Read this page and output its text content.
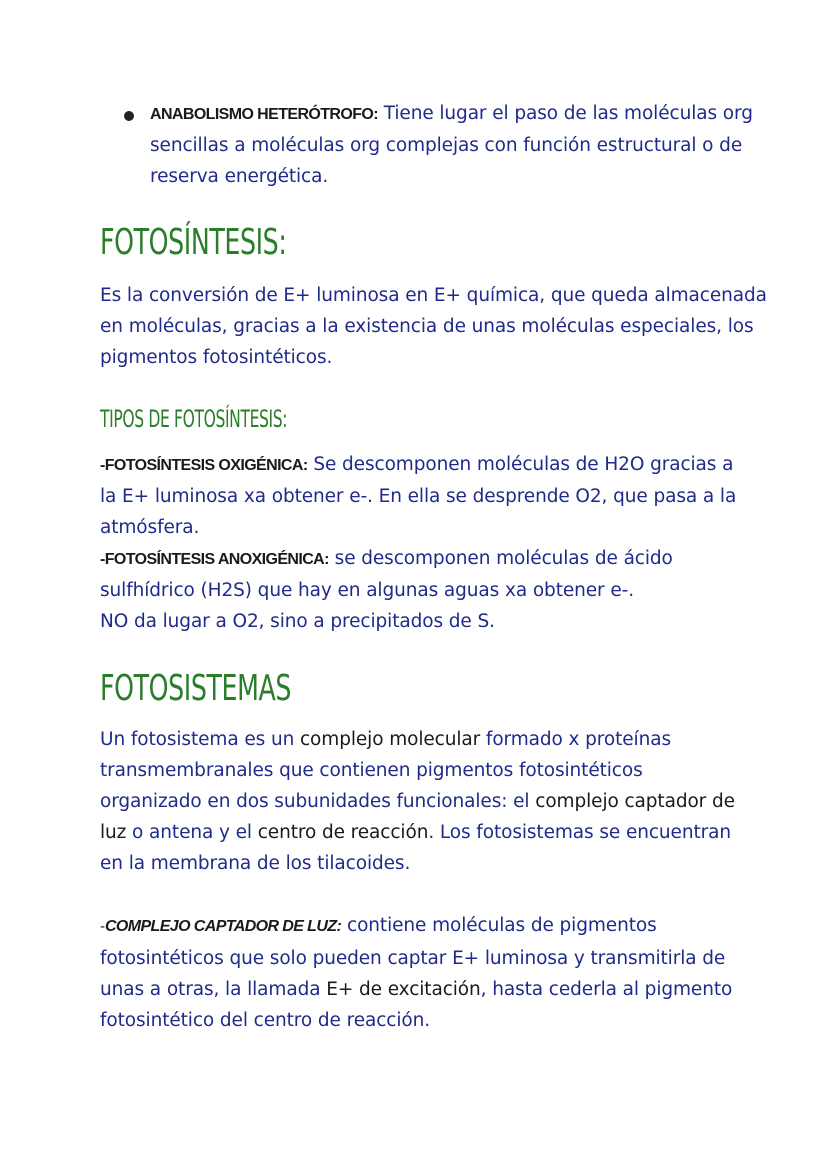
ANABOLISMO HETERÓTROFO: Tiene lugar el paso de las moléculas org
sencillas a moléculas org complejas con función estructural o de
reserva energética.
FOTOSÍNTESIS:
Es la conversión de E+ luminosa en E+ química, que queda almacenada
en moléculas, gracias a la existencia de unas moléculas especiales, los
pigmentos fotosintéticos.
TIPOS DE FOTOSÍNTESIS:
-FOTOSÍNTESIS OXIGÉNICA: Se descomponen moléculas de H2O gracias a
la E+ luminosa xa obtener e-. En ella se desprende O2, que pasa a la
atmósfera.
-FOTOSÍNTESIS ANOXIGÉNICA: se descomponen moléculas de ácido
sulfhídrico (H2S) que hay en algunas aguas xa obtener e-.
NO da lugar a O2, sino a precipitados de S.
FOTOSISTEMAS
Un fotosistema es un complejo molecular formado x proteínas
transmembranales que contienen pigmentos fotosintéticos
organizado en dos subunidades funcionales: el complejo captador de
luz o antena y el centro de reacción. Los fotosistemas se encuentran
en la membrana de los tilacoides.
-COMPLEJO CAPTADOR DE LUZ: contiene moléculas de pigmentos
fotosintéticos que solo pueden captar E+ luminosa y transmitirla de
unas a otras, la llamada E+ de excitación, hasta cederla al pigmento
fotosintético del centro de reacción.
